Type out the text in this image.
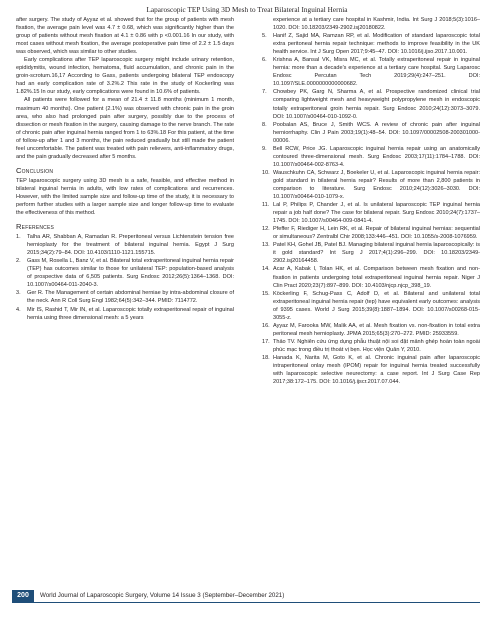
Laparoscopic TEP Using 3D Mesh to Treat Bilateral Inguinal Hernia

after surgery. The study of Ayyaz et al. showed that for the group of patients with mesh fixation, the average pain level was 4.7 ± 0.68, which was significantly higher than the group of patients without mesh fixation at 4.1 ± 0.86 with p <0.001.16 In our study, with most cases without mesh fixation, the average postoperative pain time of 2.2 ± 1.5 days was observed, which was similar to other studies.

Early complications after TEP laparoscopic surgery might include urinary retention, epididymitis, wound infection, hematoma, fluid accumulation, and chronic pain in the groin-scrotum.16,17 According to Gass, patients undergoing bilateral TEP endoscopy had an early complication rate of 3.2%.2 This rate in the study of Kockerling was 1.82%.15 In our study, early complications were found in 10.6% of patients.

All patients were followed for a mean of 21.4 ± 11.8 months (minimum 1 month, maximum 40 months). One patient (2.1%) was observed with chronic pain in the groin area, who also had prolonged pain after surgery, possibly due to the process of dissection or mesh fixation in the surgery, causing damage to the nerve branch. The rate of chronic pain after inguinal hernia ranged from 1 to 63%.18 For this patient, at the time of follow-up after 1 and 3 months, the pain reduced gradually but still made the patient feel uncomfortable. The patient was treated with pain relievers, anti-inflammatory drugs, and the pain gradually decreased after 5 months.

Conclusion

TEP laparoscopic surgery using 3D mesh is a safe, feasible, and effective method in bilateral inguinal hernia in adults, with low rates of complications and recurrences. However, with the limited sample size and follow-up time of the study, it is necessary to perform further studies with a larger sample size and longer follow-up time to evaluate the effectiveness of this method.

References
1. Talha AR, Shabban A, Ramadan R. Preperitoneal versus Lichtenstein tension free hernioplasty for the treatment of bilateral inguinal hernia. Egypt J Surg 2015;34(2):79–84. DOI: 10.4103/1110-1121.155715.
2. Gass M, Rosella L, Banz V, et al. Bilateral total extraperitoneal inguinal hernia repair (TEP) has outcomes similar to those for unilateral TEP: population-based analysis of prospective data of 6,505 patients. Surg Endosc 2012;26(5):1364–1368. DOI: 10.1007/s00464-011-2040-3.
3. Ger R. The Management of certain abdominal herniae by intra-abdominal closure of the neck. Ann R Coll Surg Engl 1982;64(5):342–344. PMID: 7114772.
4. Mir IS, Rashid T, Mir IN, et al. Laparoscopic totally extraperitoneal repair of inguinal hernia using three dimensional mesh: a 5 years
experience at a tertiary care hospital in Kashmir, India. Int Surg J 2018;5(3):1016–1020. DOI: 10.18203/2349-2902.isj20180822.
5. Hanif Z, Sajid MA, Ramzan RP, et al. Modification of standard laparoscopic total extra peritoneal hernia repair technique: methods to improve feasibility in the UK health service. Int J Surg Open 2017;9:45–47. DOI: 10.1016/j.ijso.2017.10.001.
6. Krishna A, Bansal VK, Misra MC, et al. Totally extraperitoneal repair in inguinal hernia: more than a decade's experience at a tertiary care hospital. Surg Laparosc Endosc Percutan Tech 2019;29(4):247–251. DOI: 10.1097/SLE.0000000000000682.
7. Chowbey PK, Garg N, Sharma A, et al. Prospective randomized clinical trial comparing lightweight mesh and heavyweight polypropylene mesh in endoscopic totally extraperitoneal groin hernia repair. Surg Endosc 2010;24(12):3073–3079. DOI: 10.1007/s00464-010-1092-0.
8. Poobalan AS, Bruce J, Smith WCS. A review of chronic pain after inguinal herniorrhaphy. Clin J Pain 2003;19(1):48–54. DOI: 10.1097/00002508-200301000-00006.
9. Bell RCW, Price JG. Laparoscopic inguinal hernia repair using an anatomically contoured three-dimensional mesh. Surg Endosc 2003;17(11):1784–1788. DOI: 10.1007/s00464-002-8763-4.
10. Wauschkuhn CA, Schwarz J, Boekeler U, et al. Laparoscopic inguinal hernia repair: gold standard in bilateral hernia repair? Results of more than 2,800 patients in comparison to literature. Surg Endosc 2010;24(12):3026–3030. DOI: 10.1007/s00464-010-1079-x.
11. Lal P, Philips P, Chander J, et al. Is unilateral laparoscopic TEP inguinal hernia repair a job half done? The case for bilateral repair. Surg Endosc 2010;24(7):1737–1745. DOI: 10.1007/s00464-009-0841-4.
12. Pfeffer F, Riediger H, Lein RK, et al. Repair of bilateral inguinal hernias: sequential or simultaneous? Zentralbl Chir 2008;133:446–451. DOI: 10.1055/s-2008-1076959.
13. Patel KH, Gohel JB, Patel BJ. Managing bilateral inguinal hernia laparoscopically: is it gold standard? Int Surg J 2017;4(1):296–299. DOI: 10.18203/2349-2902.isj20164458.
14. Acar A, Kabak I, Tolan HK, et al. Comparison between mesh fixation and non-fixation in patients undergoing total extraperitoneal inguinal hernia repair. Niger J Clin Pract 2020;23(7):897–899. DOI: 10.4103/njcp.njcp_398_19.
15. Köckerling F, Schug-Pass C, Adolf D, et al. Bilateral and unilateral total extraperitoneal inguinal hernia repair (tep) have equivalent early outcomes: analysis of 9395 cases. World J Surg 2015;39(8):1887–1894. DOI: 10.1007/s00268-015-3055-z.
16. Ayyaz M, Farooka MW, Malik AA, et al. Mesh fixation vs. non-fixation in total extra peritoneal mesh hernioplasty. JPMA 2015;65(3):270–272. PMID: 25933559.
17. Thảo TV. Nghiên cứu ứng dụng phẫu thuật nội soi đặt mảnh ghép hoàn toàn ngoài phúc mạc trong điều trị thoát vị bẹn. Học viện Quân Y, 2010.
18. Hanada K, Narita M, Goto K, et al. Chronic inguinal pain after laparoscopic intraperitoneal onlay mesh (IPOM) repair for inguinal hernia treated successfully with laparoscopic selective neurectomy: a case report. Int J Surg Case Rep 2017;38:172–175. DOI: 10.1016/j.ijscr.2017.07.044.
200	World Journal of Laparoscopic Surgery, Volume 14 Issue 3 (September–December 2021)
